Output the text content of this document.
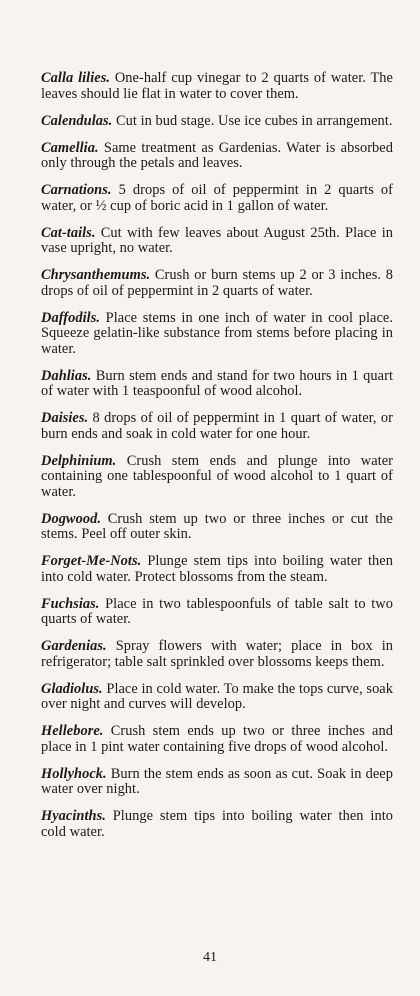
Calla lilies. One-half cup vinegar to 2 quarts of water. The leaves should lie flat in water to cover them.

Calendulas. Cut in bud stage. Use ice cubes in arrangement.

Camellia. Same treatment as Gardenias. Water is absorbed only through the petals and leaves.

Carnations. 5 drops of oil of peppermint in 2 quarts of water, or ½ cup of boric acid in 1 gallon of water.

Cat-tails. Cut with few leaves about August 25th. Place in vase upright, no water.

Chrysanthemums. Crush or burn stems up 2 or 3 inches. 8 drops of oil of peppermint in 2 quarts of water.

Daffodils. Place stems in one inch of water in cool place. Squeeze gelatin-like substance from stems before placing in water.

Dahlias. Burn stem ends and stand for two hours in 1 quart of water with 1 teaspoonful of wood alcohol.

Daisies. 8 drops of oil of peppermint in 1 quart of water, or burn ends and soak in cold water for one hour.

Delphinium. Crush stem ends and plunge into water containing one tablespoonful of wood alcohol to 1 quart of water.

Dogwood. Crush stem up two or three inches or cut the stems. Peel off outer skin.

Forget-Me-Nots. Plunge stem tips into boiling water then into cold water. Protect blossoms from the steam.

Fuchsias. Place in two tablespoonfuls of table salt to two quarts of water.

Gardenias. Spray flowers with water; place in box in refrigerator; table salt sprinkled over blossoms keeps them.

Gladiolus. Place in cold water. To make the tops curve, soak over night and curves will develop.

Hellebore. Crush stem ends up two or three inches and place in 1 pint water containing five drops of wood alcohol.

Hollyhock. Burn the stem ends as soon as cut. Soak in deep water over night.

Hyacinths. Plunge stem tips into boiling water then into cold water.

41
